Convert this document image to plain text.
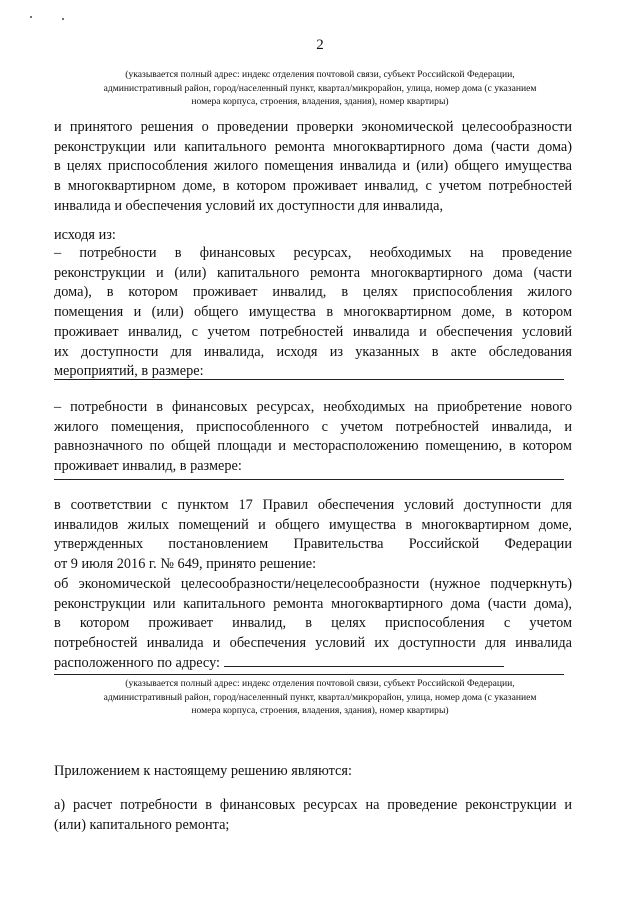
2
(указывается полный адрес: индекс отделения почтовой связи, субъект Российской Федерации,
административный район, город/населенный пункт, квартал/микрорайон, улица, номер дома (с указанием
номера корпуса, строения, владения, здания), номер квартиры)
и принятого решения о проведении проверки экономической целесообразности
реконструкции или капитального ремонта многоквартирного дома (части дома)
в целях приспособления жилого помещения инвалида и (или) общего имущества
в многоквартирном доме, в котором проживает инвалид, с учетом потребностей
инвалида и обеспечения условий их доступности для инвалида,
исходя из:
– потребности в финансовых ресурсах, необходимых на проведение
реконструкции и (или) капитального ремонта многоквартирного дома (части
дома), в котором проживает инвалид, в целях приспособления жилого
помещения и (или) общего имущества в многоквартирном доме, в котором
проживает инвалид, с учетом потребностей инвалида и обеспечения условий
их доступности для инвалида, исходя из указанных в акте обследования
мероприятий, в размере:
– потребности в финансовых ресурсах, необходимых на приобретение нового
жилого помещения, приспособленного с учетом потребностей инвалида, и
равнозначного по общей площади и месторасположению помещению, в котором
проживает инвалид, в размере:
в соответствии с пунктом 17 Правил обеспечения условий доступности для
инвалидов жилых помещений и общего имущества в многоквартирном доме,
утвержденных постановлением Правительства Российской Федерации
от 9 июля 2016 г. № 649, принято решение:
об экономической целесообразности/нецелесообразности (нужное подчеркнуть)
реконструкции или капитального ремонта многоквартирного дома (части дома),
в котором проживает инвалид, в целях приспособления с учетом
потребностей инвалида и обеспечения условий их доступности для инвалида
расположенного по адресу:
(указывается полный адрес: индекс отделения почтовой связи, субъект Российской Федерации,
административный район, город/населенный пункт, квартал/микрорайон, улица, номер дома (с указанием
номера корпуса, строения, владения, здания), номер квартиры)
Приложением к настоящему решению являются:
а) расчет потребности в финансовых ресурсах на проведение реконструкции и
(или) капитального ремонта;
